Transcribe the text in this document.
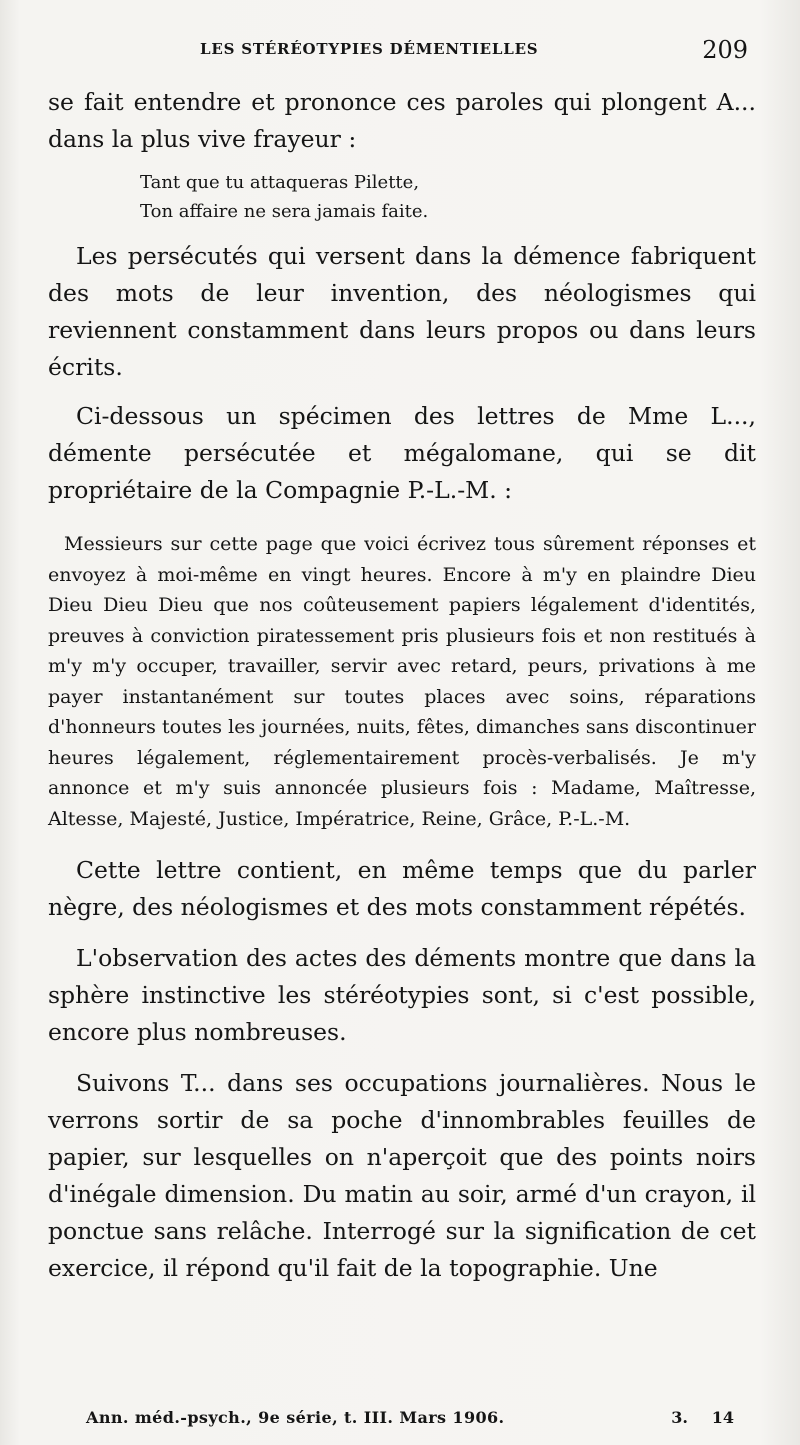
LES STÉRÉOTYPIES DÉMENTIELLES	209

se fait entendre et prononce ces paroles qui plongent A... dans la plus vive frayeur :

Tant que tu attaqueras Pilette,
Ton affaire ne sera jamais faite.

Les persécutés qui versent dans la démence fabriquent des mots de leur invention, des néologismes qui reviennent constamment dans leurs propos ou dans leurs écrits.

Ci-dessous un spécimen des lettres de Mme L..., démente persécutée et mégalomane, qui se dit propriétaire de la Compagnie P.-L.-M. :

Messieurs sur cette page que voici écrivez tous sûrement réponses et envoyez à moi-même en vingt heures. Encore à m'y en plaindre Dieu Dieu Dieu Dieu que nos coûteusement papiers légalement d'identités, preuves à conviction piratessement pris plusieurs fois et non restitués à m'y m'y occuper, travailler, servir avec retard, peurs, privations à me payer instantanément sur toutes places avec soins, réparations d'honneurs toutes les journées, nuits, fêtes, dimanches sans discontinuer heures légalement, réglementairement procès-verbalisés. Je m'y annonce et m'y suis annoncée plusieurs fois : Madame, Maîtresse, Altesse, Majesté, Justice, Impératrice, Reine, Grâce, P.-L.-M.

Cette lettre contient, en même temps que du parler nègre, des néologismes et des mots constamment répétés.

L'observation des actes des déments montre que dans la sphère instinctive les stéréotypies sont, si c'est possible, encore plus nombreuses.

Suivons T... dans ses occupations journalières. Nous le verrons sortir de sa poche d'innombrables feuilles de papier, sur lesquelles on n'aperçoit que des points noirs d'inégale dimension. Du matin au soir, armé d'un crayon, il ponctue sans relâche. Interrogé sur la signification de cet exercice, il répond qu'il fait de la topographie. Une

Ann. méd.-psych., 9e série, t. III. Mars 1906.	3. 14
